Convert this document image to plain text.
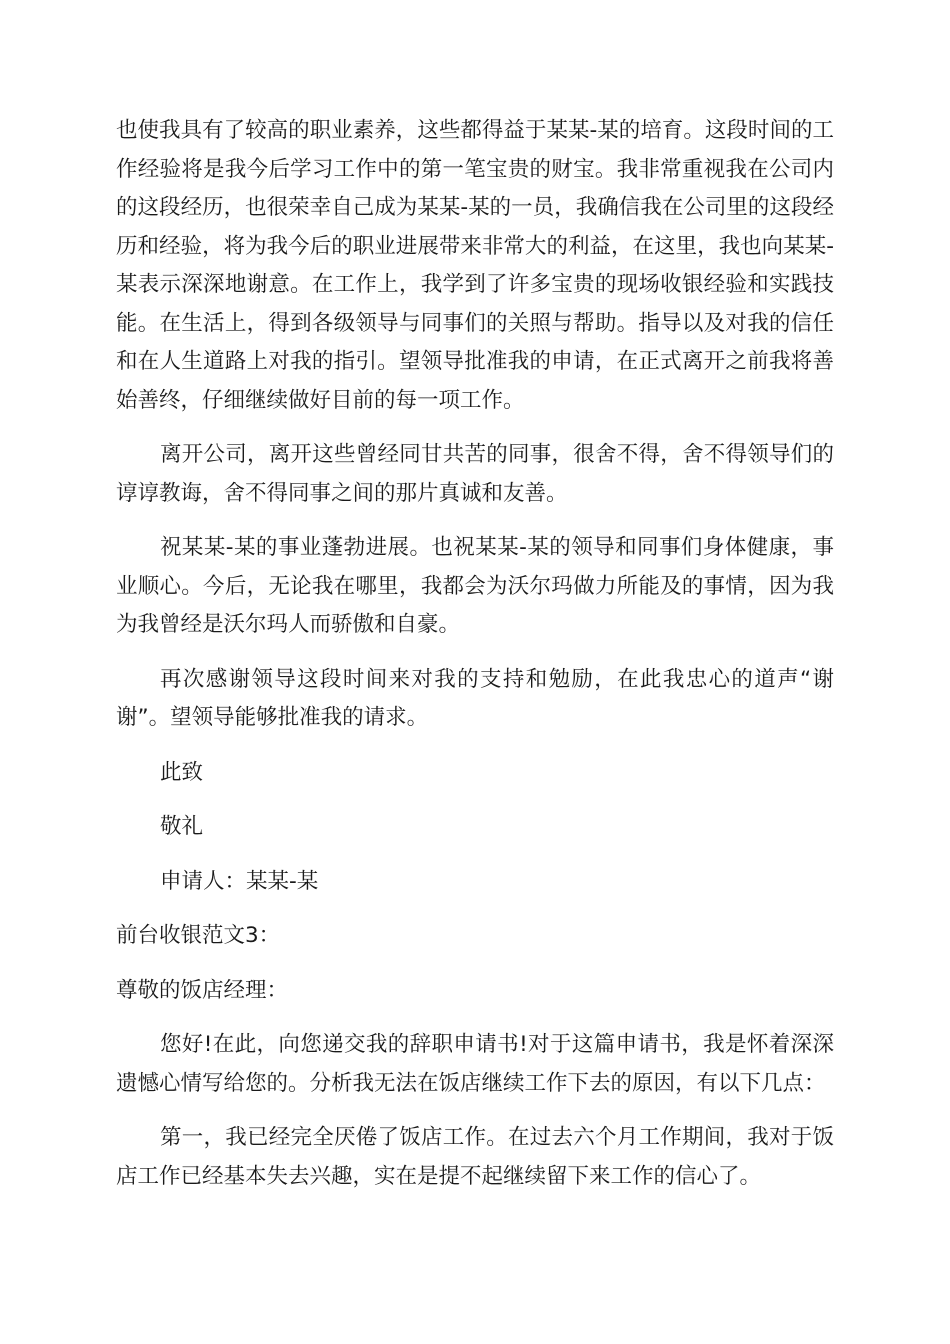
也使我具有了较高的职业素养，这些都得益于某某-某的培育。这段时间的工作经验将是我今后学习工作中的第一笔宝贵的财宝。我非常重视我在公司内的这段经历，也很荣幸自己成为某某-某的一员，我确信我在公司里的这段经历和经验，将为我今后的职业进展带来非常大的利益，在这里，我也向某某-某表示深深地谢意。在工作上，我学到了许多宝贵的现场收银经验和实践技能。在生活上，得到各级领导与同事们的关照与帮助。指导以及对我的信任和在人生道路上对我的指引。望领导批准我的申请，在正式离开之前我将善始善终，仔细继续做好目前的每一项工作。

离开公司，离开这些曾经同甘共苦的同事，很舍不得，舍不得领导们的谆谆教诲，舍不得同事之间的那片真诚和友善。

祝某某-某的事业蓬勃进展。也祝某某-某的领导和同事们身体健康，事业顺心。今后，无论我在哪里，我都会为沃尔玛做力所能及的事情，因为我为我曾经是沃尔玛人而骄傲和自豪。

再次感谢领导这段时间来对我的支持和勉励，在此我忠心的道声“谢谢”。望领导能够批准我的请求。

此致
敬礼
申请人：某某-某
前台收银范文3：
尊敬的饭店经理：

您好!在此，向您递交我的辞职申请书!对于这篇申请书，我是怀着深深遗憾心情写给您的。分析我无法在饭店继续工作下去的原因，有以下几点：

第一，我已经完全厌倦了饭店工作。在过去六个月工作期间，我对于饭店工作已经基本失去兴趣，实在是提不起继续留下来工作的信心了。
